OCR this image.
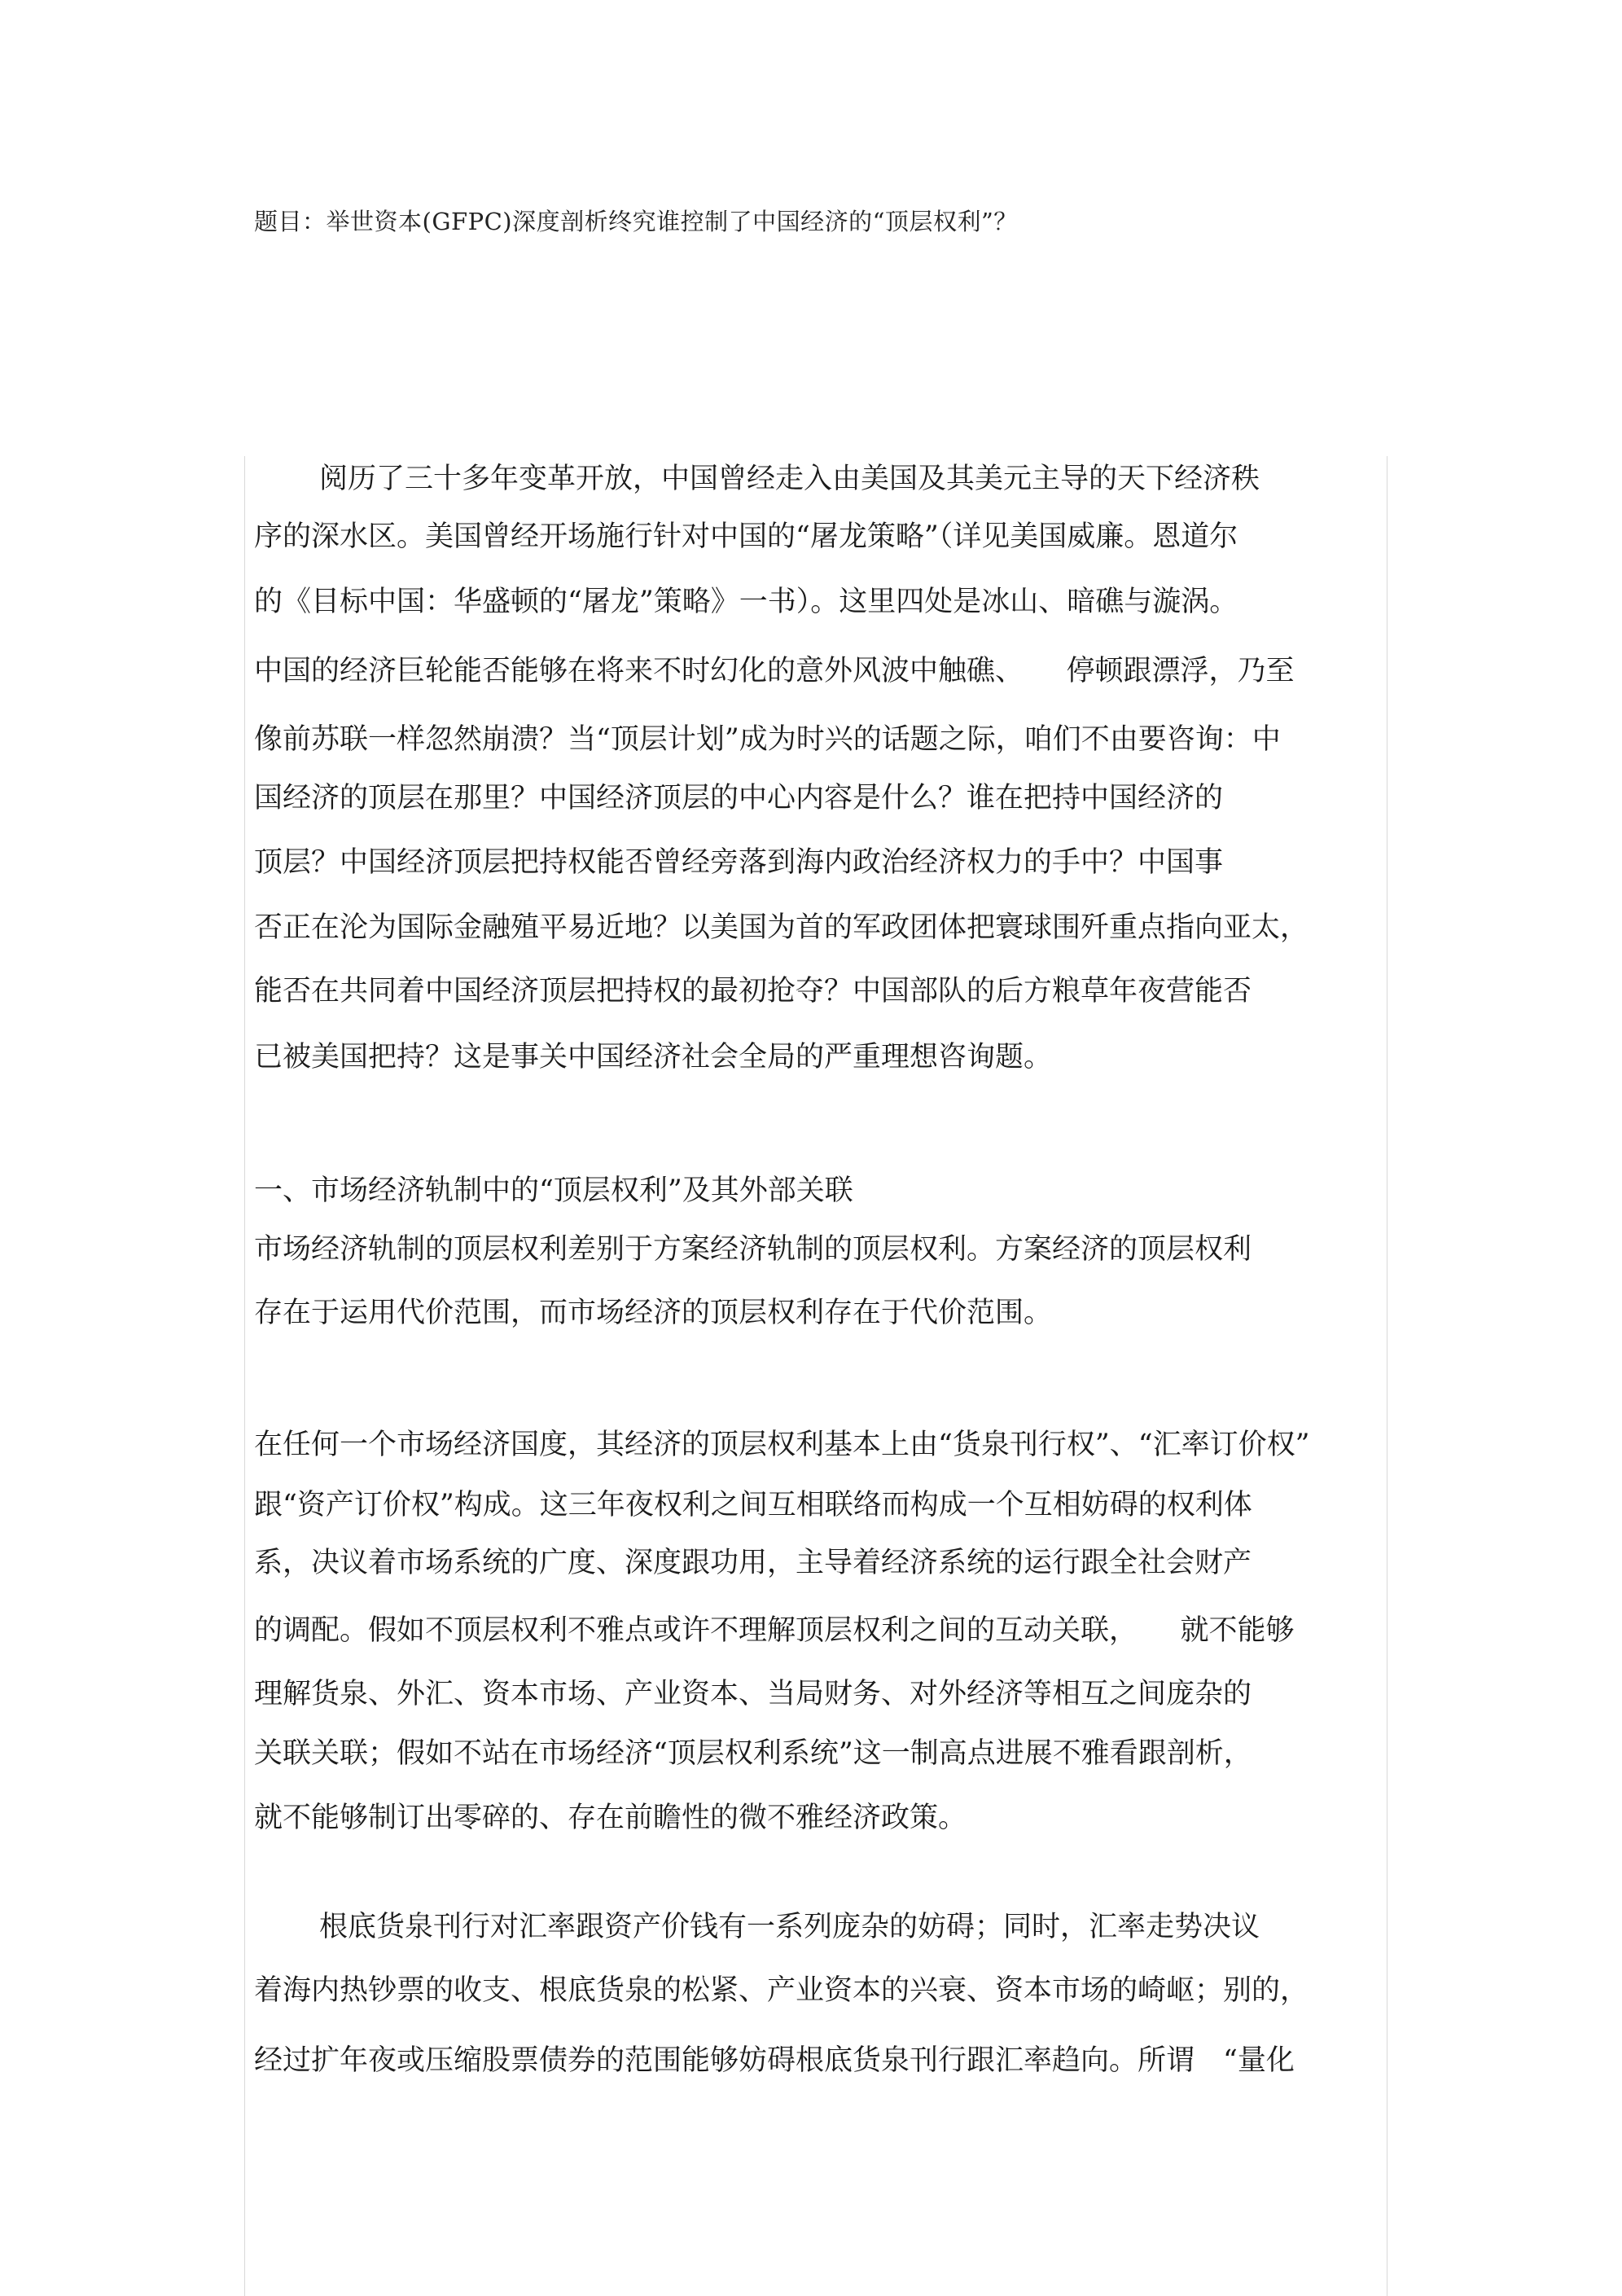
题目：举世资本(GFPC)深度剖析终究谁控制了中国经济的“顶层权利”？
阅历了三十多年变革开放，中国曾经走入由美国及其美元主导的天下经济秩
序的深水区。美国曾经开场施行针对中国的“屠龙策略”（详见美国威廉。恩道尔
的《目标中国：华盛顿的“屠龙”策略》一书）。这里四处是冰山、暗礁与漩涡。
中国的经济巨轮能否能够在将来不时幻化的意外风波中触礁、　　停顿跟漂浮，乃至
像前苏联一样忽然崩溃？当“顶层计划”成为时兴的话题之际，咱们不由要咨询：中
国经济的顶层在那里？中国经济顶层的中心内容是什么？谁在把持中国经济的
顶层？中国经济顶层把持权能否曾经旁落到海内政治经济权力的手中？中国事
否正在沦为国际金融殖平易近地？以美国为首的军政团体把寰球围歼重点指向亚太，
能否在共同着中国经济顶层把持权的最初抢夺？中国部队的后方粮草年夜营能否
已被美国把持？这是事关中国经济社会全局的严重理想咨询题。
一、市场经济轨制中的“顶层权利”及其外部关联
市场经济轨制的顶层权利差别于方案经济轨制的顶层权利。方案经济的顶层权利
存在于运用代价范围，而市场经济的顶层权利存在于代价范围。
在任何一个市场经济国度，其经济的顶层权利基本上由“货泉刊行权”、“汇率订价权”
跟“资产订价权”构成。这三年夜权利之间互相联络而构成一个互相妨碍的权利体
系，决议着市场系统的广度、深度跟功用，主导着经济系统的运行跟全社会财产
的调配。假如不顶层权利不雅点或许不理解顶层权利之间的互动关联，　　就不能够
理解货泉、外汇、资本市场、产业资本、当局财务、对外经济等相互之间庞杂的
关联关联；假如不站在市场经济“顶层权利系统”这一制高点进展不雅看跟剖析，
就不能够制订出零碎的、存在前瞻性的微不雅经济政策。
根底货泉刊行对汇率跟资产价钱有一系列庞杂的妨碍；同时，汇率走势决议
着海内热钞票的收支、根底货泉的松紧、产业资本的兴衰、资本市场的崎岖；别的，
经过扩年夜或压缩股票债券的范围能够妨碍根底货泉刊行跟汇率趋向。所谓　“量化
